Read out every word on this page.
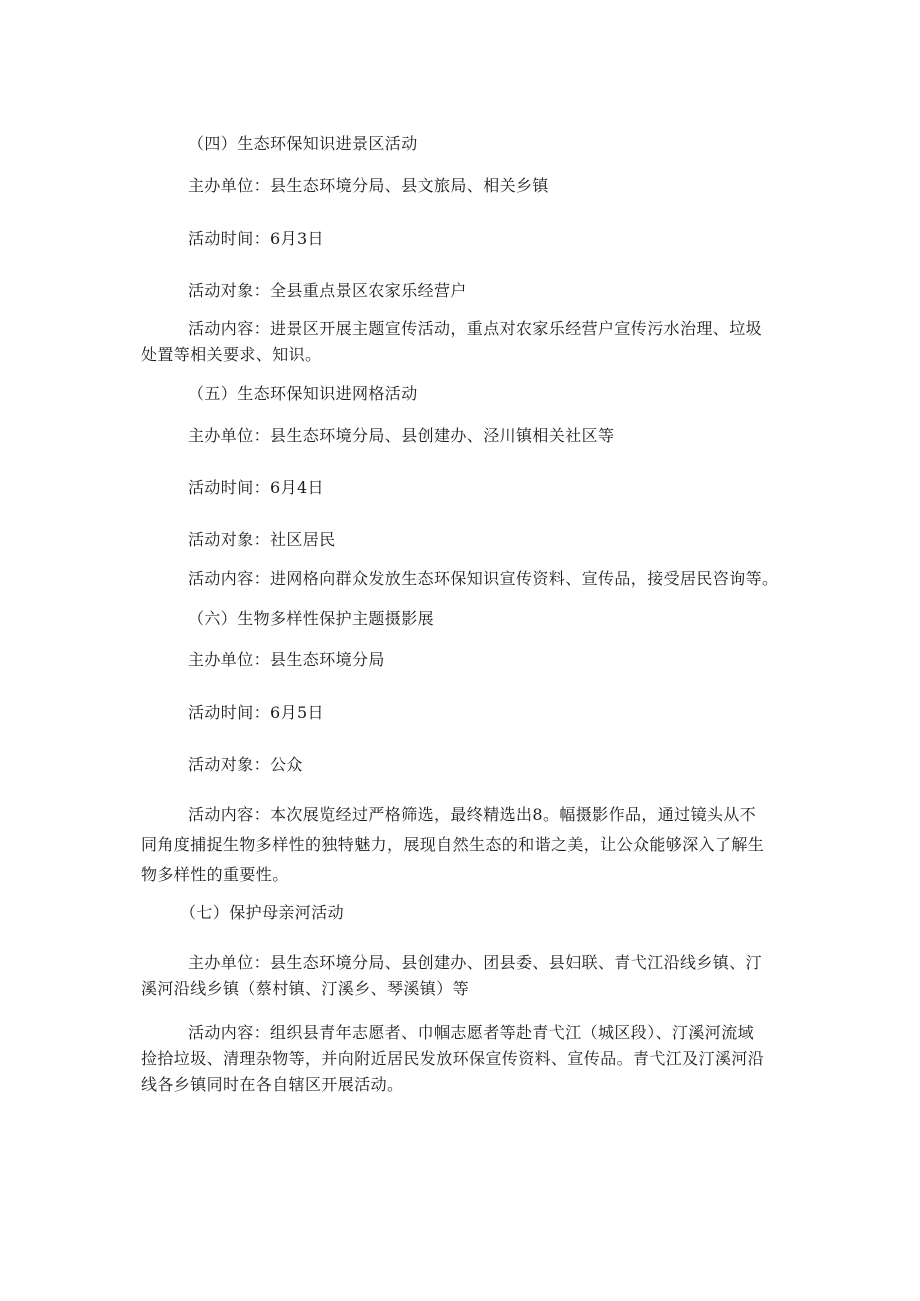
（四）生态环保知识进景区活动
主办单位：县生态环境分局、县文旅局、相关乡镇
活动时间：6月3日
活动对象：全县重点景区农家乐经营户
活动内容：进景区开展主题宣传活动，重点对农家乐经营户宣传污水治理、垃圾
处置等相关要求、知识。
（五）生态环保知识进网格活动
主办单位：县生态环境分局、县创建办、泾川镇相关社区等
活动时间：6月4日
活动对象：社区居民
活动内容：进网格向群众发放生态环保知识宣传资料、宣传品，接受居民咨询等。
（六）生物多样性保护主题摄影展
主办单位：县生态环境分局
活动时间：6月5日
活动对象：公众
活动内容：本次展览经过严格筛选，最终精选出8。幅摄影作品，通过镜头从不
同角度捕捉生物多样性的独特魅力，展现自然生态的和谐之美，让公众能够深入了解生
物多样性的重要性。
（七）保护母亲河活动
主办单位：县生态环境分局、县创建办、团县委、县妇联、青弋江沿线乡镇、汀
溪河沿线乡镇（蔡村镇、汀溪乡、琴溪镇）等
活动内容：组织县青年志愿者、巾帼志愿者等赴青弋江（城区段）、汀溪河流域
捡拾垃圾、清理杂物等，并向附近居民发放环保宣传资料、宣传品。青弋江及汀溪河沿
线各乡镇同时在各自辖区开展活动。
